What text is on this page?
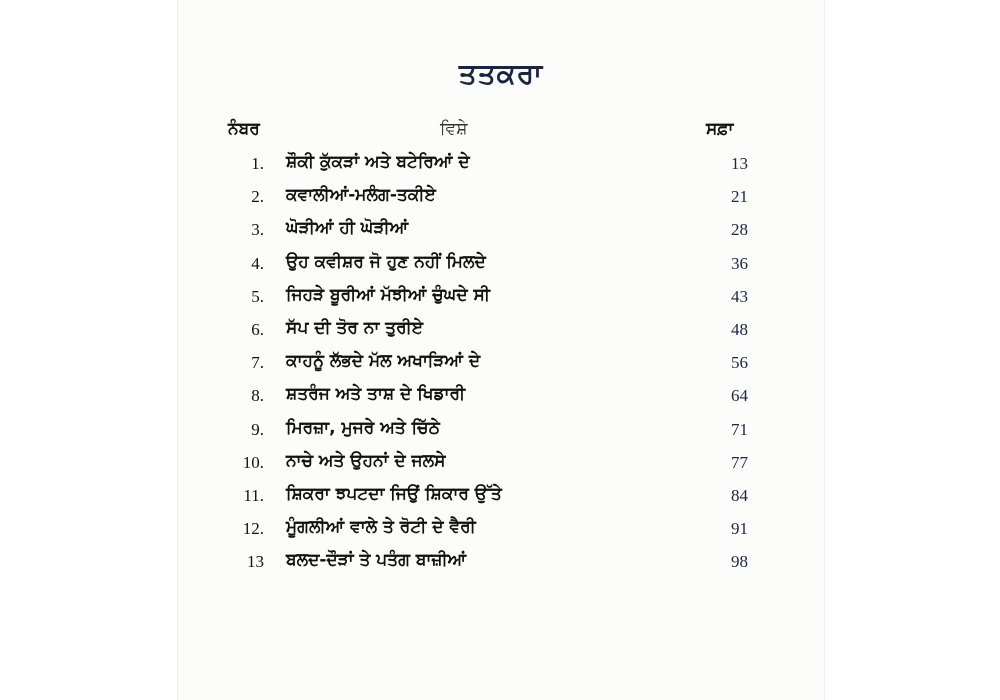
ਤਤਕਰਾ
ਨੰਬਰ	ਵਿਸ਼ੇ	ਸਫ਼ਾ
1. ਸ਼ੌਕੀ ਕੁੱਕੜਾਂ ਅਤੇ ਬਟੇਰਿਆਂ ਦੇ	13
2. ਕਵਾਲੀਆਂ-ਮਲੰਗ-ਤਕੀਏ	21
3. ਘੋੜੀਆਂ ਹੀ ਘੋੜੀਆਂ	28
4. ਉਹ ਕਵੀਸ਼ਰ ਜੋ ਹੁਣ ਨਹੀਂ ਮਿਲਦੇ	36
5. ਜਿਹੜੇ ਬੂਰੀਆਂ ਮੱਝੀਆਂ ਚੁੰਘਦੇ ਸੀ	43
6. ਸੱਪ ਦੀ ਤੋਰ ਨਾ ਤੁਰੀਏ	48
7. ਕਾਹਨੂੰ ਲੱਭਦੇ ਮੱਲ ਅਖਾੜਿਆਂ ਦੇ	56
8. ਸ਼ਤਰੰਜ ਅਤੇ ਤਾਸ਼ ਦੇ ਖਿਡਾਰੀ	64
9. ਮਿਰਜ਼ਾ, ਮੁਜਰੇ ਅਤੇ ਚਿੱਠੇ	71
10. ਨਾਚੇ ਅਤੇ ਉਹਨਾਂ ਦੇ ਜਲਸੇ	77
11. ਸ਼ਿਕਰਾ ਝਪਟਦਾ ਜਿਉਂ ਸ਼ਿਕਾਰ ਉੱਤੇ	84
12. ਮੂੰਗਲੀਆਂ ਵਾਲੇ ਤੇ ਰੋਟੀ ਦੇ ਵੈਰੀ	91
13 ਬਲਦ-ਦੌੜਾਂ ਤੇ ਪਤੰਗ ਬਾਜ਼ੀਆਂ	98
